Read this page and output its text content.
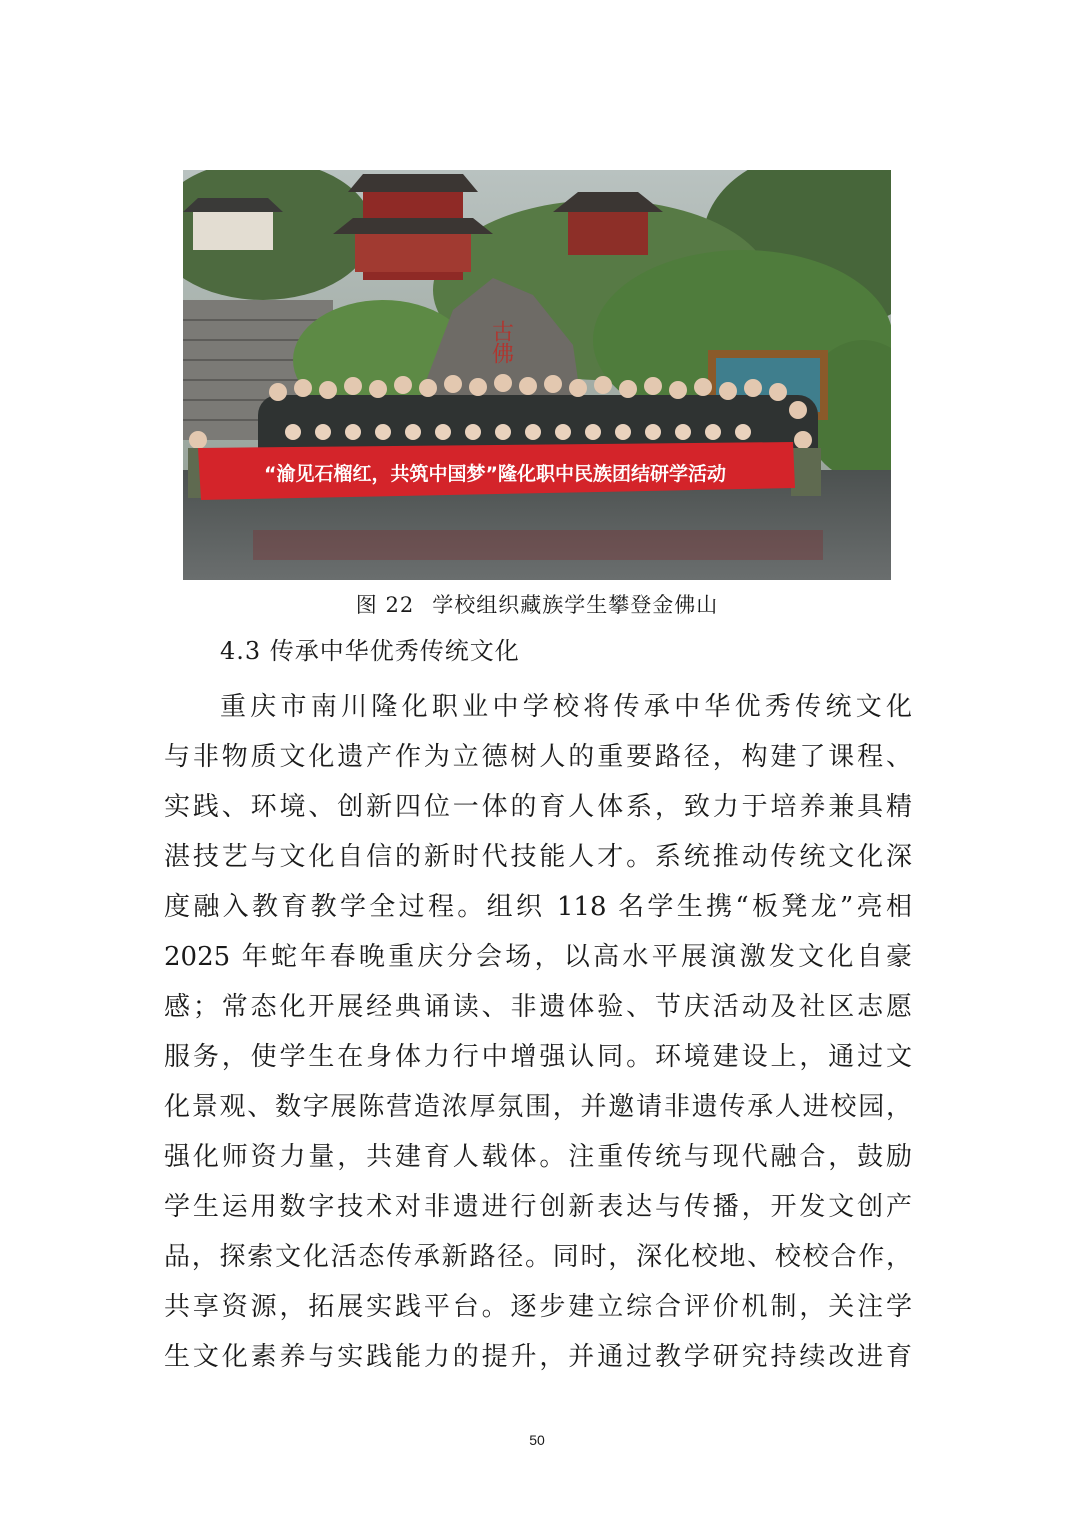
古佛
“渝见石榴红，共筑中国梦”隆化职中民族团结研学活动
图 22 学校组织藏族学生攀登金佛山
4.3 传承中华优秀传统文化
重庆市南川隆化职业中学校将传承中华优秀传统文化
与非物质文化遗产作为立德树人的重要路径，构建了课程、
实践、环境、创新四位一体的育人体系，致力于培养兼具精
湛技艺与文化自信的新时代技能人才。系统推动传统文化深
度融入教育教学全过程。组织 118 名学生携“板凳龙”亮相
2025 年蛇年春晚重庆分会场，以高水平展演激发文化自豪
感；常态化开展经典诵读、非遗体验、节庆活动及社区志愿
服务，使学生在身体力行中增强认同。环境建设上，通过文
化景观、数字展陈营造浓厚氛围，并邀请非遗传承人进校园，
强化师资力量，共建育人载体。注重传统与现代融合，鼓励
学生运用数字技术对非遗进行创新表达与传播，开发文创产
品，探索文化活态传承新路径。同时，深化校地、校校合作，
共享资源，拓展实践平台。逐步建立综合评价机制，关注学
生文化素养与实践能力的提升，并通过教学研究持续改进育
50
